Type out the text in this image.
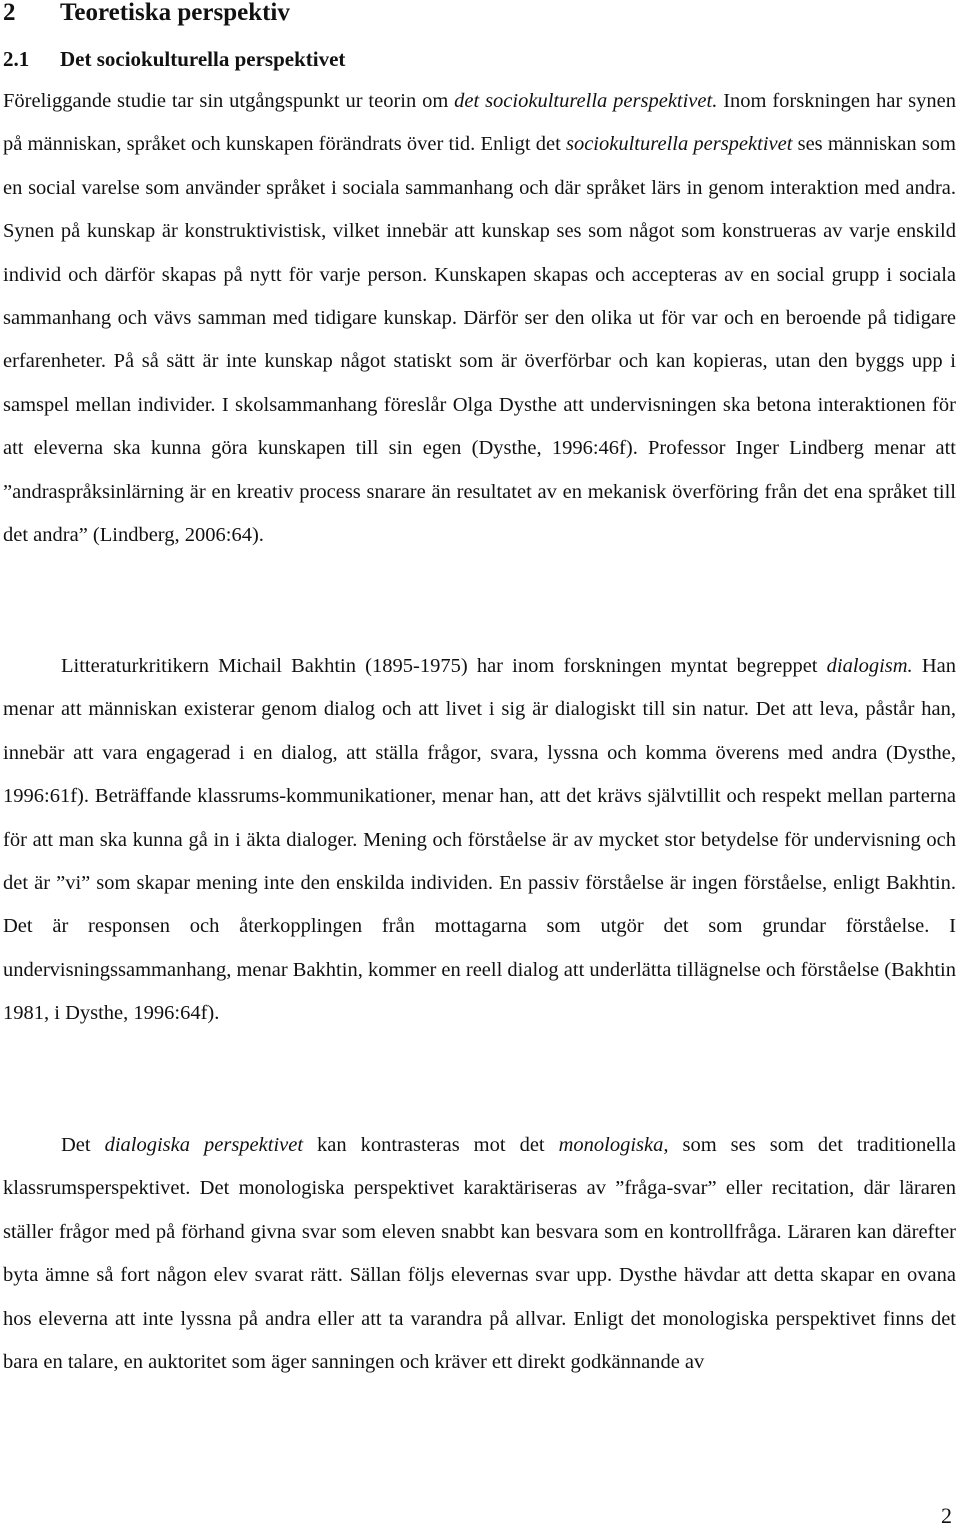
2 Teoretiska perspektiv
2.1 Det sociokulturella perspektivet

Föreliggande studie tar sin utgångspunkt ur teorin om det sociokulturella perspektivet. Inom forskningen har synen på människan, språket och kunskapen förändrats över tid. Enligt det sociokulturella perspektivet ses människan som en social varelse som använder språket i sociala sammanhang och där språket lärs in genom interaktion med andra. Synen på kunskap är konstruktivistisk, vilket innebär att kunskap ses som något som konstrueras av varje enskild individ och därför skapas på nytt för varje person. Kunskapen skapas och accepteras av en social grupp i sociala sammanhang och vävs samman med tidigare kunskap. Därför ser den olika ut för var och en beroende på tidigare erfarenheter. På så sätt är inte kunskap något statiskt som är överförbar och kan kopieras, utan den byggs upp i samspel mellan individer. I skolsammanhang föreslår Olga Dysthe att undervisningen ska betona interaktionen för att eleverna ska kunna göra kunskapen till sin egen (Dysthe, 1996:46f). Professor Inger Lindberg menar att ”andraspråksinlärning är en kreativ process snarare än resultatet av en mekanisk överföring från det ena språket till det andra” (Lindberg, 2006:64).

Litteraturkritikern Michail Bakhtin (1895-1975) har inom forskningen myntat begreppet dialogism. Han menar att människan existerar genom dialog och att livet i sig är dialogiskt till sin natur. Det att leva, påstår han, innebär att vara engagerad i en dialog, att ställa frågor, svara, lyssna och komma överens med andra (Dysthe, 1996:61f). Beträffande klassrums-kommunikationer, menar han, att det krävs självtillit och respekt mellan parterna för att man ska kunna gå in i äkta dialoger. Mening och förståelse är av mycket stor betydelse för undervisning och det är ”vi” som skapar mening inte den enskilda individen. En passiv förståelse är ingen förståelse, enligt Bakhtin. Det är responsen och återkopplingen från mottagarna som utgör det som grundar förståelse. I undervisningssammanhang, menar Bakhtin, kommer en reell dialog att underlätta tillägnelse och förståelse (Bakhtin 1981, i Dysthe, 1996:64f).

Det dialogiska perspektivet kan kontrasteras mot det monologiska, som ses som det traditionella klassrumsperspektivet. Det monologiska perspektivet karaktäriseras av ”fråga-svar” eller recitation, där läraren ställer frågor med på förhand givna svar som eleven snabbt kan besvara som en kontrollfråga. Läraren kan därefter byta ämne så fort någon elev svarat rätt. Sällan följs elevernas svar upp. Dysthe hävdar att detta skapar en ovana hos eleverna att inte lyssna på andra eller att ta varandra på allvar. Enligt det monologiska perspektivet finns det bara en talare, en auktoritet som äger sanningen och kräver ett direkt godkännande av

2
